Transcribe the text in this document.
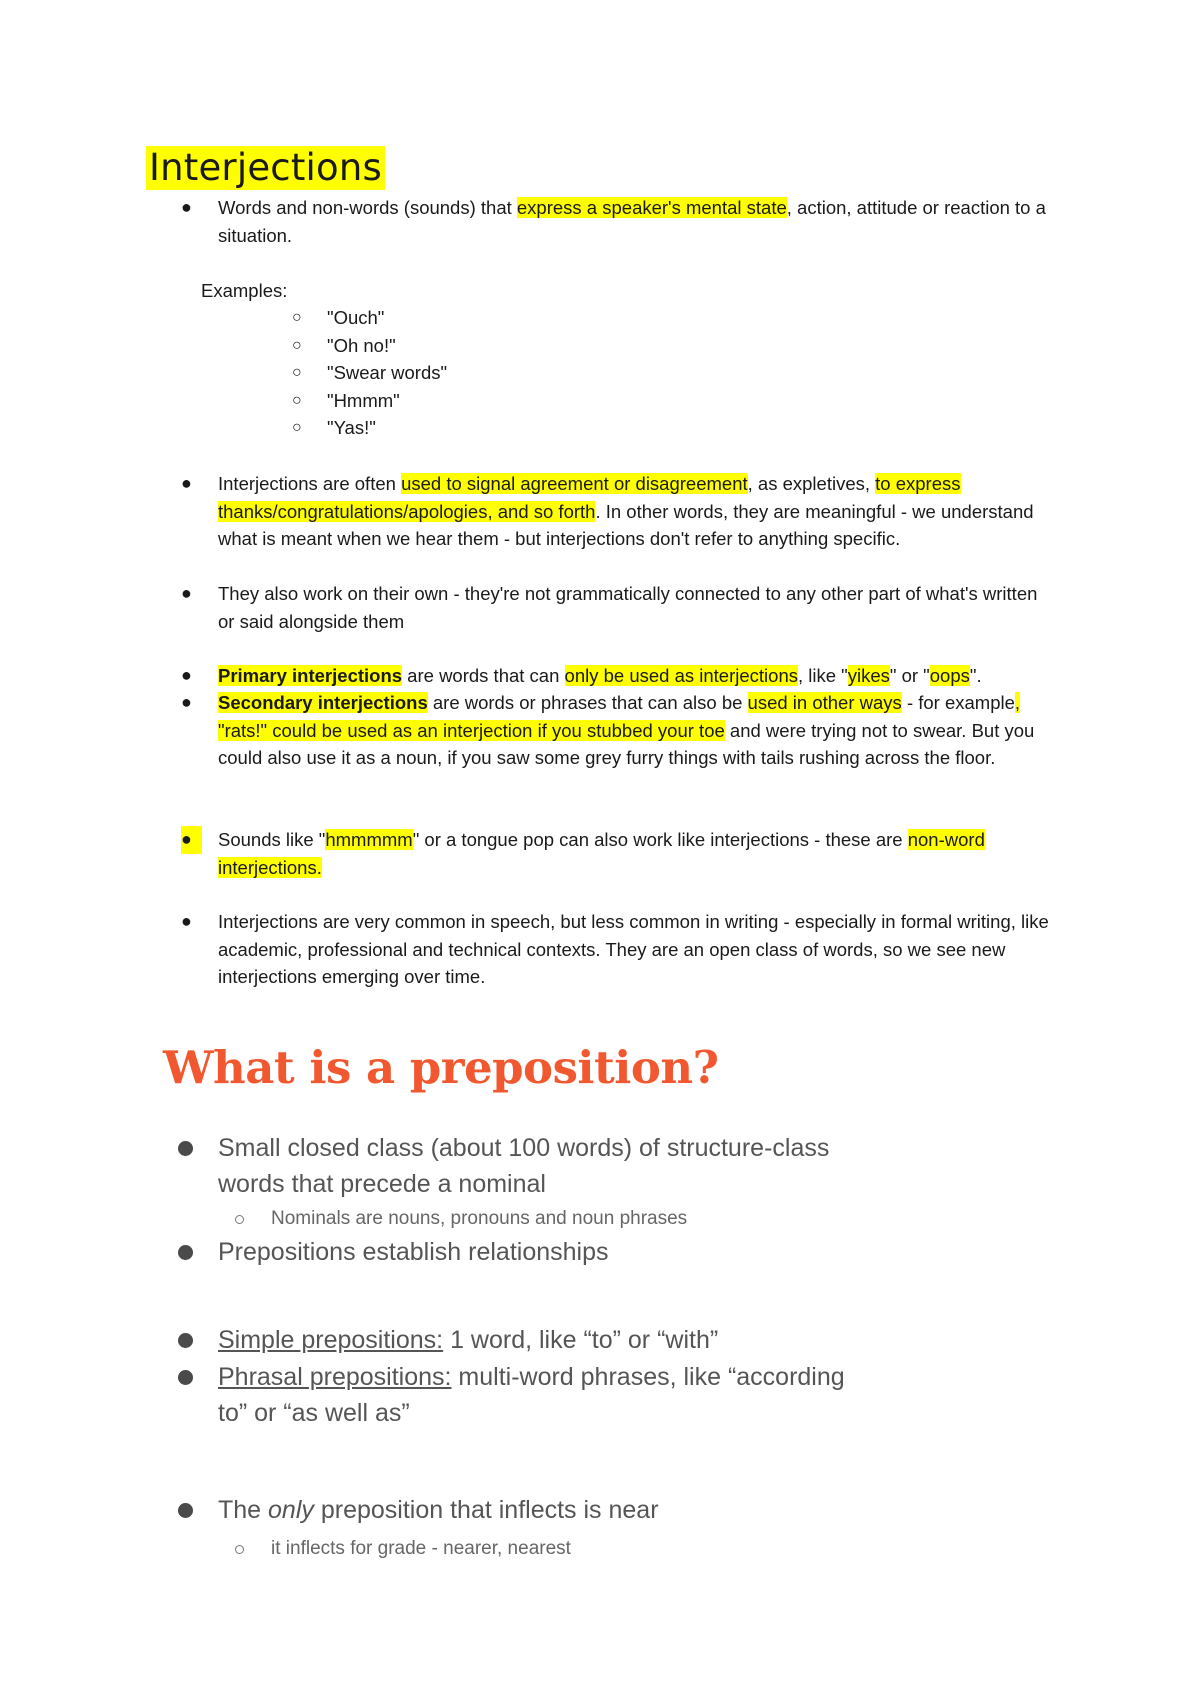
Interjections
● Words and non-words (sounds) that express a speaker's mental state, action, attitude or reaction to a situation.
Examples:
○ "Ouch"
○ "Oh no!"
○ "Swear words"
○ "Hmmm"
○ "Yas!"
● Interjections are often used to signal agreement or disagreement, as expletives, to express thanks/congratulations/apologies, and so forth. In other words, they are meaningful - we understand what is meant when we hear them - but interjections don't refer to anything specific.
● They also work on their own - they're not grammatically connected to any other part of what's written or said alongside them
● Primary interjections are words that can only be used as interjections, like "yikes" or "oops".
● Secondary interjections are words or phrases that can also be used in other ways - for example, "rats!" could be used as an interjection if you stubbed your toe and were trying not to swear. But you could also use it as a noun, if you saw some grey furry things with tails rushing across the floor.
●	Sounds like "hmmmmm" or a tongue pop can also work like interjections - these are non-word interjections.
● Interjections are very common in speech, but less common in writing - especially in formal writing, like academic, professional and technical contexts. They are an open class of words, so we see new interjections emerging over time.
What is a preposition?
Small closed class (about 100 words) of structure-class words that precede a nominal
Nominals are nouns, pronouns and noun phrases
Prepositions establish relationships
Simple prepositions: 1 word, like “to” or “with”
Phrasal prepositions: multi-word phrases, like “according to” or “as well as”
The only preposition that inflects is near
it inflects for grade - nearer, nearest
